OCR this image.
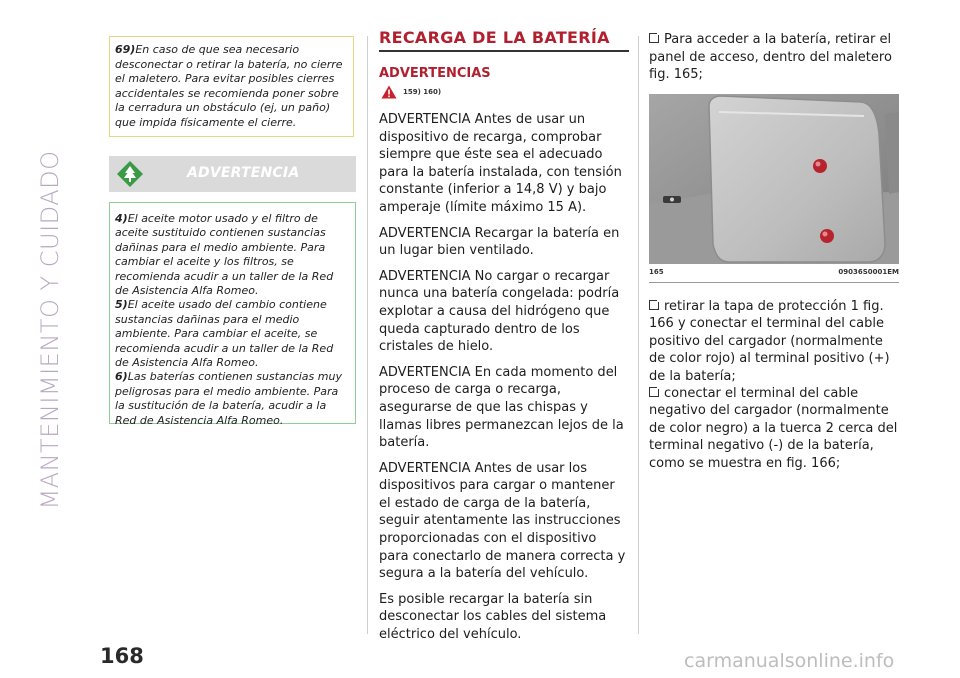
MANTENIMIENTO Y CUIDADO
69)En caso de que sea necesario desconectar o retirar la batería, no cierre el maletero. Para evitar posibles cierres accidentales se recomienda poner sobre la cerradura un obstáculo (ej, un paño) que impida físicamente el cierre.
ADVERTENCIA

4)El aceite motor usado y el filtro de aceite sustituido contienen sustancias dañinas para el medio ambiente. Para cambiar el aceite y los filtros, se recomienda acudir a un taller de la Red de Asistencia Alfa Romeo.

5)El aceite usado del cambio contiene sustancias dañinas para el medio ambiente. Para cambiar el aceite, se recomienda acudir a un taller de la Red de Asistencia Alfa Romeo.

6)Las baterías contienen sustancias muy peligrosas para el medio ambiente. Para la sustitución de la batería, acudir a la Red de Asistencia Alfa Romeo.

RECARGA DE LA BATERÍA
ADVERTENCIAS
159) 160)

ADVERTENCIA Antes de usar un dispositivo de recarga, comprobar siempre que éste sea el adecuado para la batería instalada, con tensión constante (inferior a 14,8 V) y bajo amperaje (límite máximo 15 A).

ADVERTENCIA Recargar la batería en un lugar bien ventilado.

ADVERTENCIA No cargar o recargar nunca una batería congelada: podría explotar a causa del hidrógeno que queda capturado dentro de los cristales de hielo.

ADVERTENCIA En cada momento del proceso de carga o recarga, asegurarse de que las chispas y llamas libres permanezcan lejos de la batería.

ADVERTENCIA Antes de usar los dispositivos para cargar o mantener el estado de carga de la batería, seguir atentamente las instrucciones proporcionadas con el dispositivo para conectarlo de manera correcta y segura a la batería del vehículo.

Es posible recargar la batería sin desconectar los cables del sistema eléctrico del vehículo.

Para acceder a la batería, retirar el panel de acceso, dentro del maletero fig. 165;

165	09036S0001EM

retirar la tapa de protección 1 fig. 166 y conectar el terminal del cable positivo del cargador (normalmente de color rojo) al terminal positivo (+) de la batería;

conectar el terminal del cable negativo del cargador (normalmente de color negro) a la tuerca 2 cerca del terminal negativo (-) de la batería, como se muestra en fig. 166;

168	carmanualsonline.info
